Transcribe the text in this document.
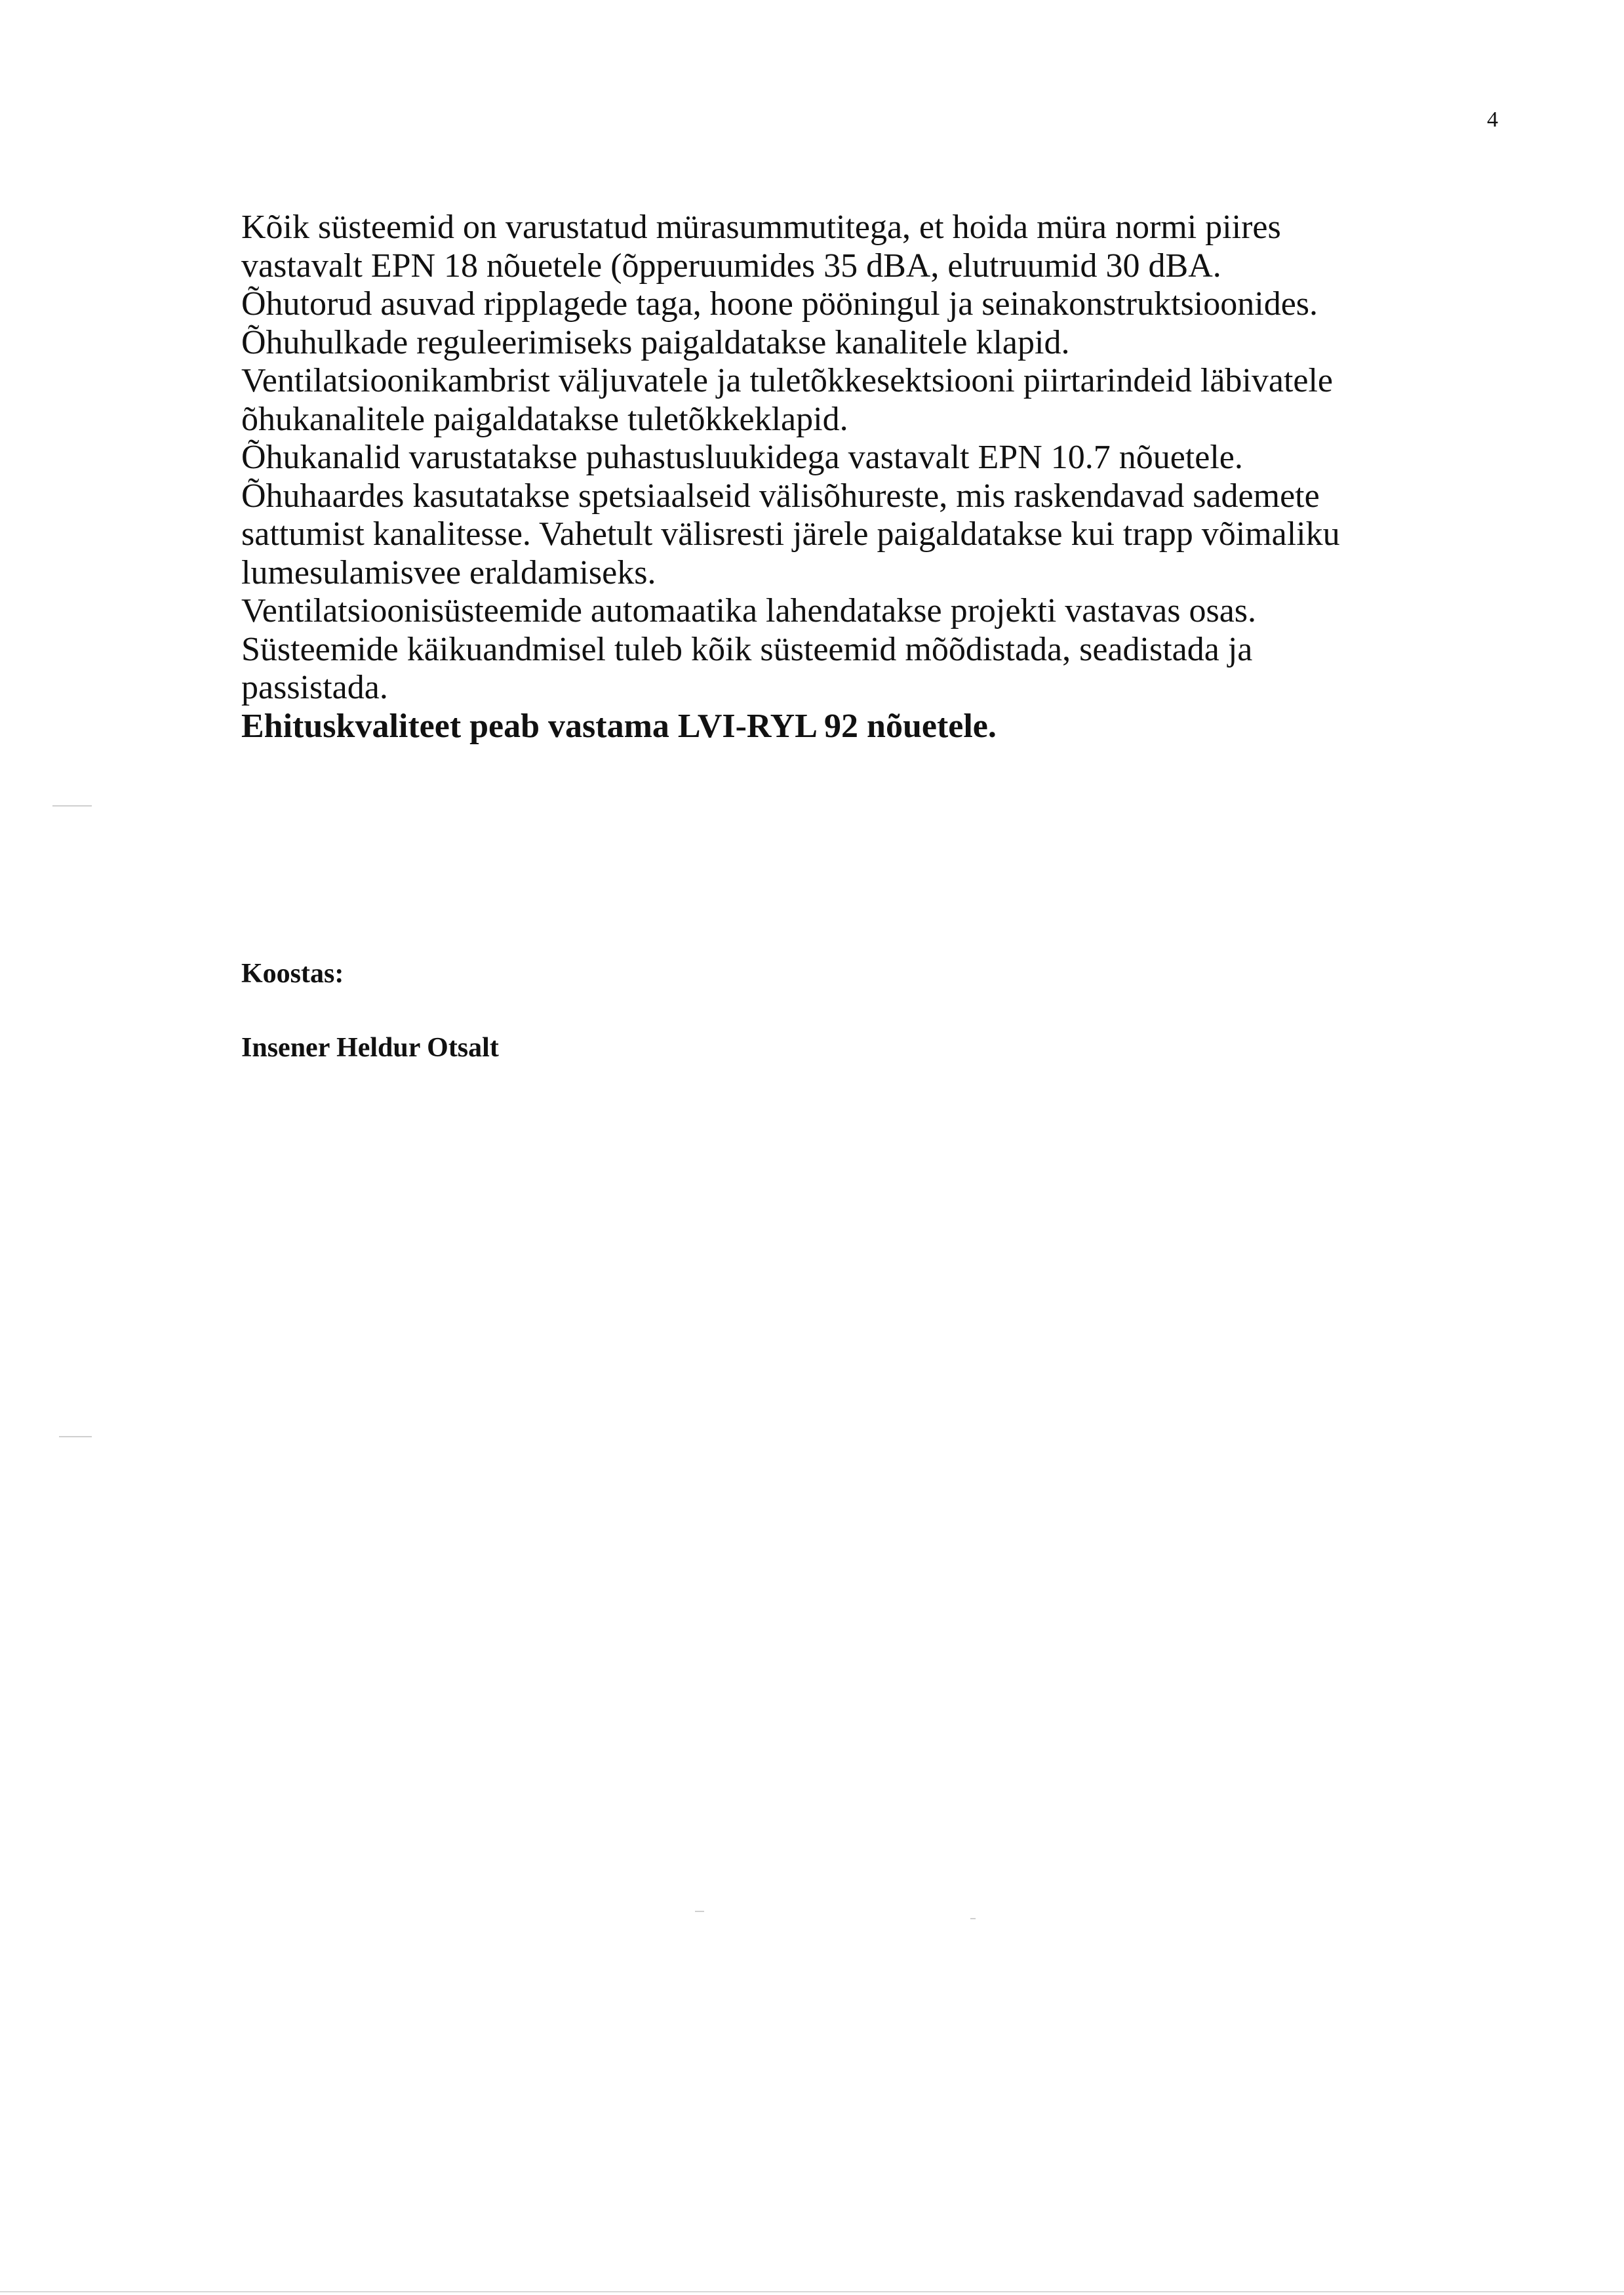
4
Kõik süsteemid on varustatud mürasummutitega, et hoida müra normi piires
vastavalt EPN 18 nõuetele (õpperuumides 35 dBA, elutruumid 30 dBA.
Õhutorud asuvad ripplagede taga, hoone pööningul ja seinakonstruktsioonides.
Õhuhulkade reguleerimiseks paigaldatakse kanalitele klapid.
Ventilatsioonikambrist väljuvatele ja tuletõkkesektsiooni piirtarindeid läbivatele
õhukanalitele paigaldatakse tuletõkkeklapid.
Õhukanalid varustatakse puhastusluukidega vastavalt EPN 10.7 nõuetele.
Õhuhaardes kasutatakse spetsiaalseid välisõhureste, mis raskendavad sademete
sattumist kanalitesse. Vahetult välisresti järele paigaldatakse kui trapp võimaliku
lumesulamisvee eraldamiseks.
Ventilatsioonisüsteemide automaatika lahendatakse projekti vastavas osas.
Süsteemide käikuandmisel tuleb kõik süsteemid mõõdistada, seadistada ja
passistada.
Ehituskvaliteet peab vastama LVI-RYL 92 nõuetele.
Koostas:
Insener Heldur Otsalt
